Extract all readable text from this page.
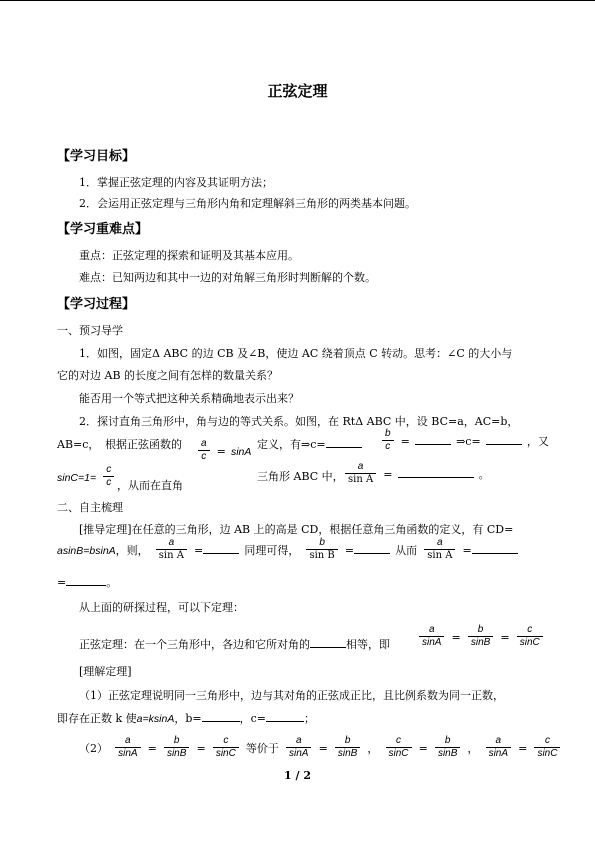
正弦定理
【学习目标】
1．掌握正弦定理的内容及其证明方法；
2．会运用正弦定理与三角形内角和定理解斜三角形的两类基本问题。
【学习重难点】
重点：正弦定理的探索和证明及其基本应用。
难点：已知两边和其中一边的对角解三角形时判断解的个数。
【学习过程】
一、预习导学
1．如图，固定Δ ABC 的边 CB 及∠B，使边 AC 绕着顶点 C 转动。思考：∠C 的大小与
它的对边 AB 的长度之间有怎样的数量关系？
能否用一个等式把这种关系精确地表示出来？
2．探讨直角三角形中，角与边的等式关系。如图，在 RtΔ ABC 中，设 BC=a，AC=b，
AB=c， 根据正弦函数的 $\frac{a}{c} = \sin A$
定义，有⇒c=	$\frac{b}{c}$ =	⇒c=	，又
$\sin C=1= \frac{c}{c}$ ，从而在直角
三角形 ABC 中， $\frac{a}{\text{sin A}}$ =	。
二、自主梳理
[推导定理]在任意的三角形，边 AB 上的高是 CD，根据任意角三角函数的定义，有 CD=
asinB=bsinA，则， $\frac{a}{\text{sin A}}$ =	同理可得， $\frac{b}{\text{sin B}}$ =	从而 $\frac{a}{\text{sin A}}$ =
=	。
从上面的研探过程，可以下定理：
正弦定理：在一个三角形中，各边和它所对角的	相等，即	$\frac{a}{\sin A} = \frac{b}{\sin B} = \frac{c}{\sin C}$
[理解定理]
（1）正弦定理说明同一三角形中，边与其对角的正弦成正比，且比例系数为同一正数，
即存在正数 k 使a=ksinA，b=	，c=	；
$(2) \frac{a}{\sin A} = \frac{b}{\sin B} = \frac{c}{\sin C}$ 等价于 $\frac{a}{\sin A} = \frac{b}{\sin B}$ ， $\frac{c}{\sin C} = \frac{b}{\sin B}$ ， $\frac{a}{\sin A} = \frac{c}{\sin C}$
1 / 2
